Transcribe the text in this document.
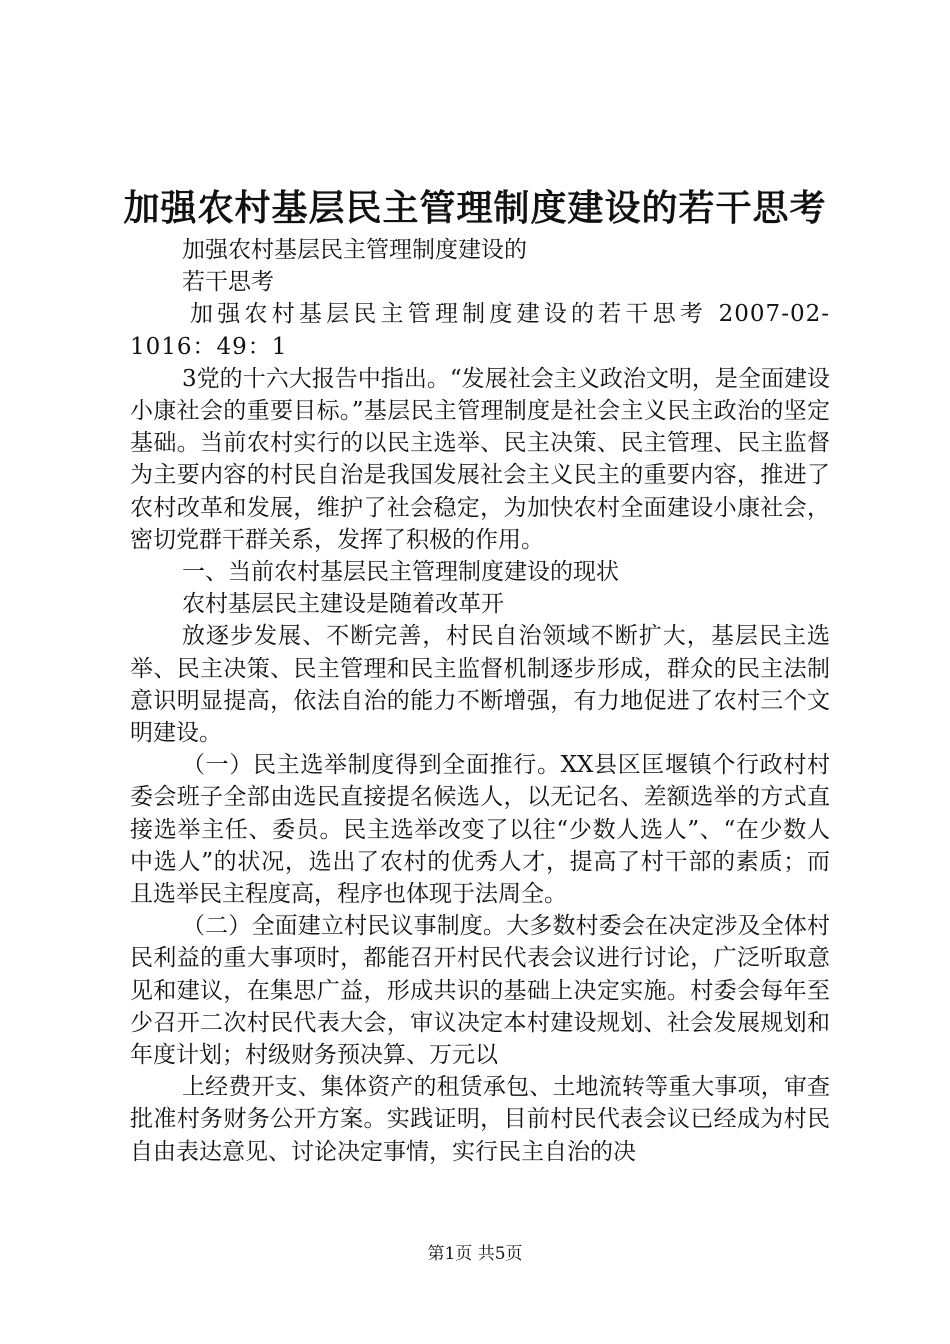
加强农村基层民主管理制度建设的若干思考

加强农村基层民主管理制度建设的

若干思考

加强农村基层民主管理制度建设的若干思考 2007-02-1016：49：1

3党的十六大报告中指出。“发展社会主义政治文明，是全面建设小康社会的重要目标。”基层民主管理制度是社会主义民主政治的坚定基础。当前农村实行的以民主选举、民主决策、民主管理、民主监督为主要内容的村民自治是我国发展社会主义民主的重要内容，推进了农村改革和发展，维护了社会稳定，为加快农村全面建设小康社会，密切党群干群关系，发挥了积极的作用。

一、当前农村基层民主管理制度建设的现状

农村基层民主建设是随着改革开

放逐步发展、不断完善，村民自治领域不断扩大，基层民主选举、民主决策、民主管理和民主监督机制逐步形成，群众的民主法制意识明显提高，依法自治的能力不断增强，有力地促进了农村三个文明建设。

（一）民主选举制度得到全面推行。XX县区匡堰镇个行政村村委会班子全部由选民直接提名候选人，以无记名、差额选举的方式直接选举主任、委员。民主选举改变了以往“少数人选人”、“在少数人中选人”的状况，选出了农村的优秀人才，提高了村干部的素质；而且选举民主程度高，程序也体现于法周全。

（二）全面建立村民议事制度。大多数村委会在决定涉及全体村民利益的重大事项时，都能召开村民代表会议进行讨论，广泛听取意见和建议，在集思广益，形成共识的基础上决定实施。村委会每年至少召开二次村民代表大会，审议决定本村建设规划、社会发展规划和年度计划；村级财务预决算、万元以

上经费开支、集体资产的租赁承包、土地流转等重大事项，审查批准村务财务公开方案。实践证明，目前村民代表会议已经成为村民自由表达意见、讨论决定事情，实行民主自治的决

第1页 共5页
